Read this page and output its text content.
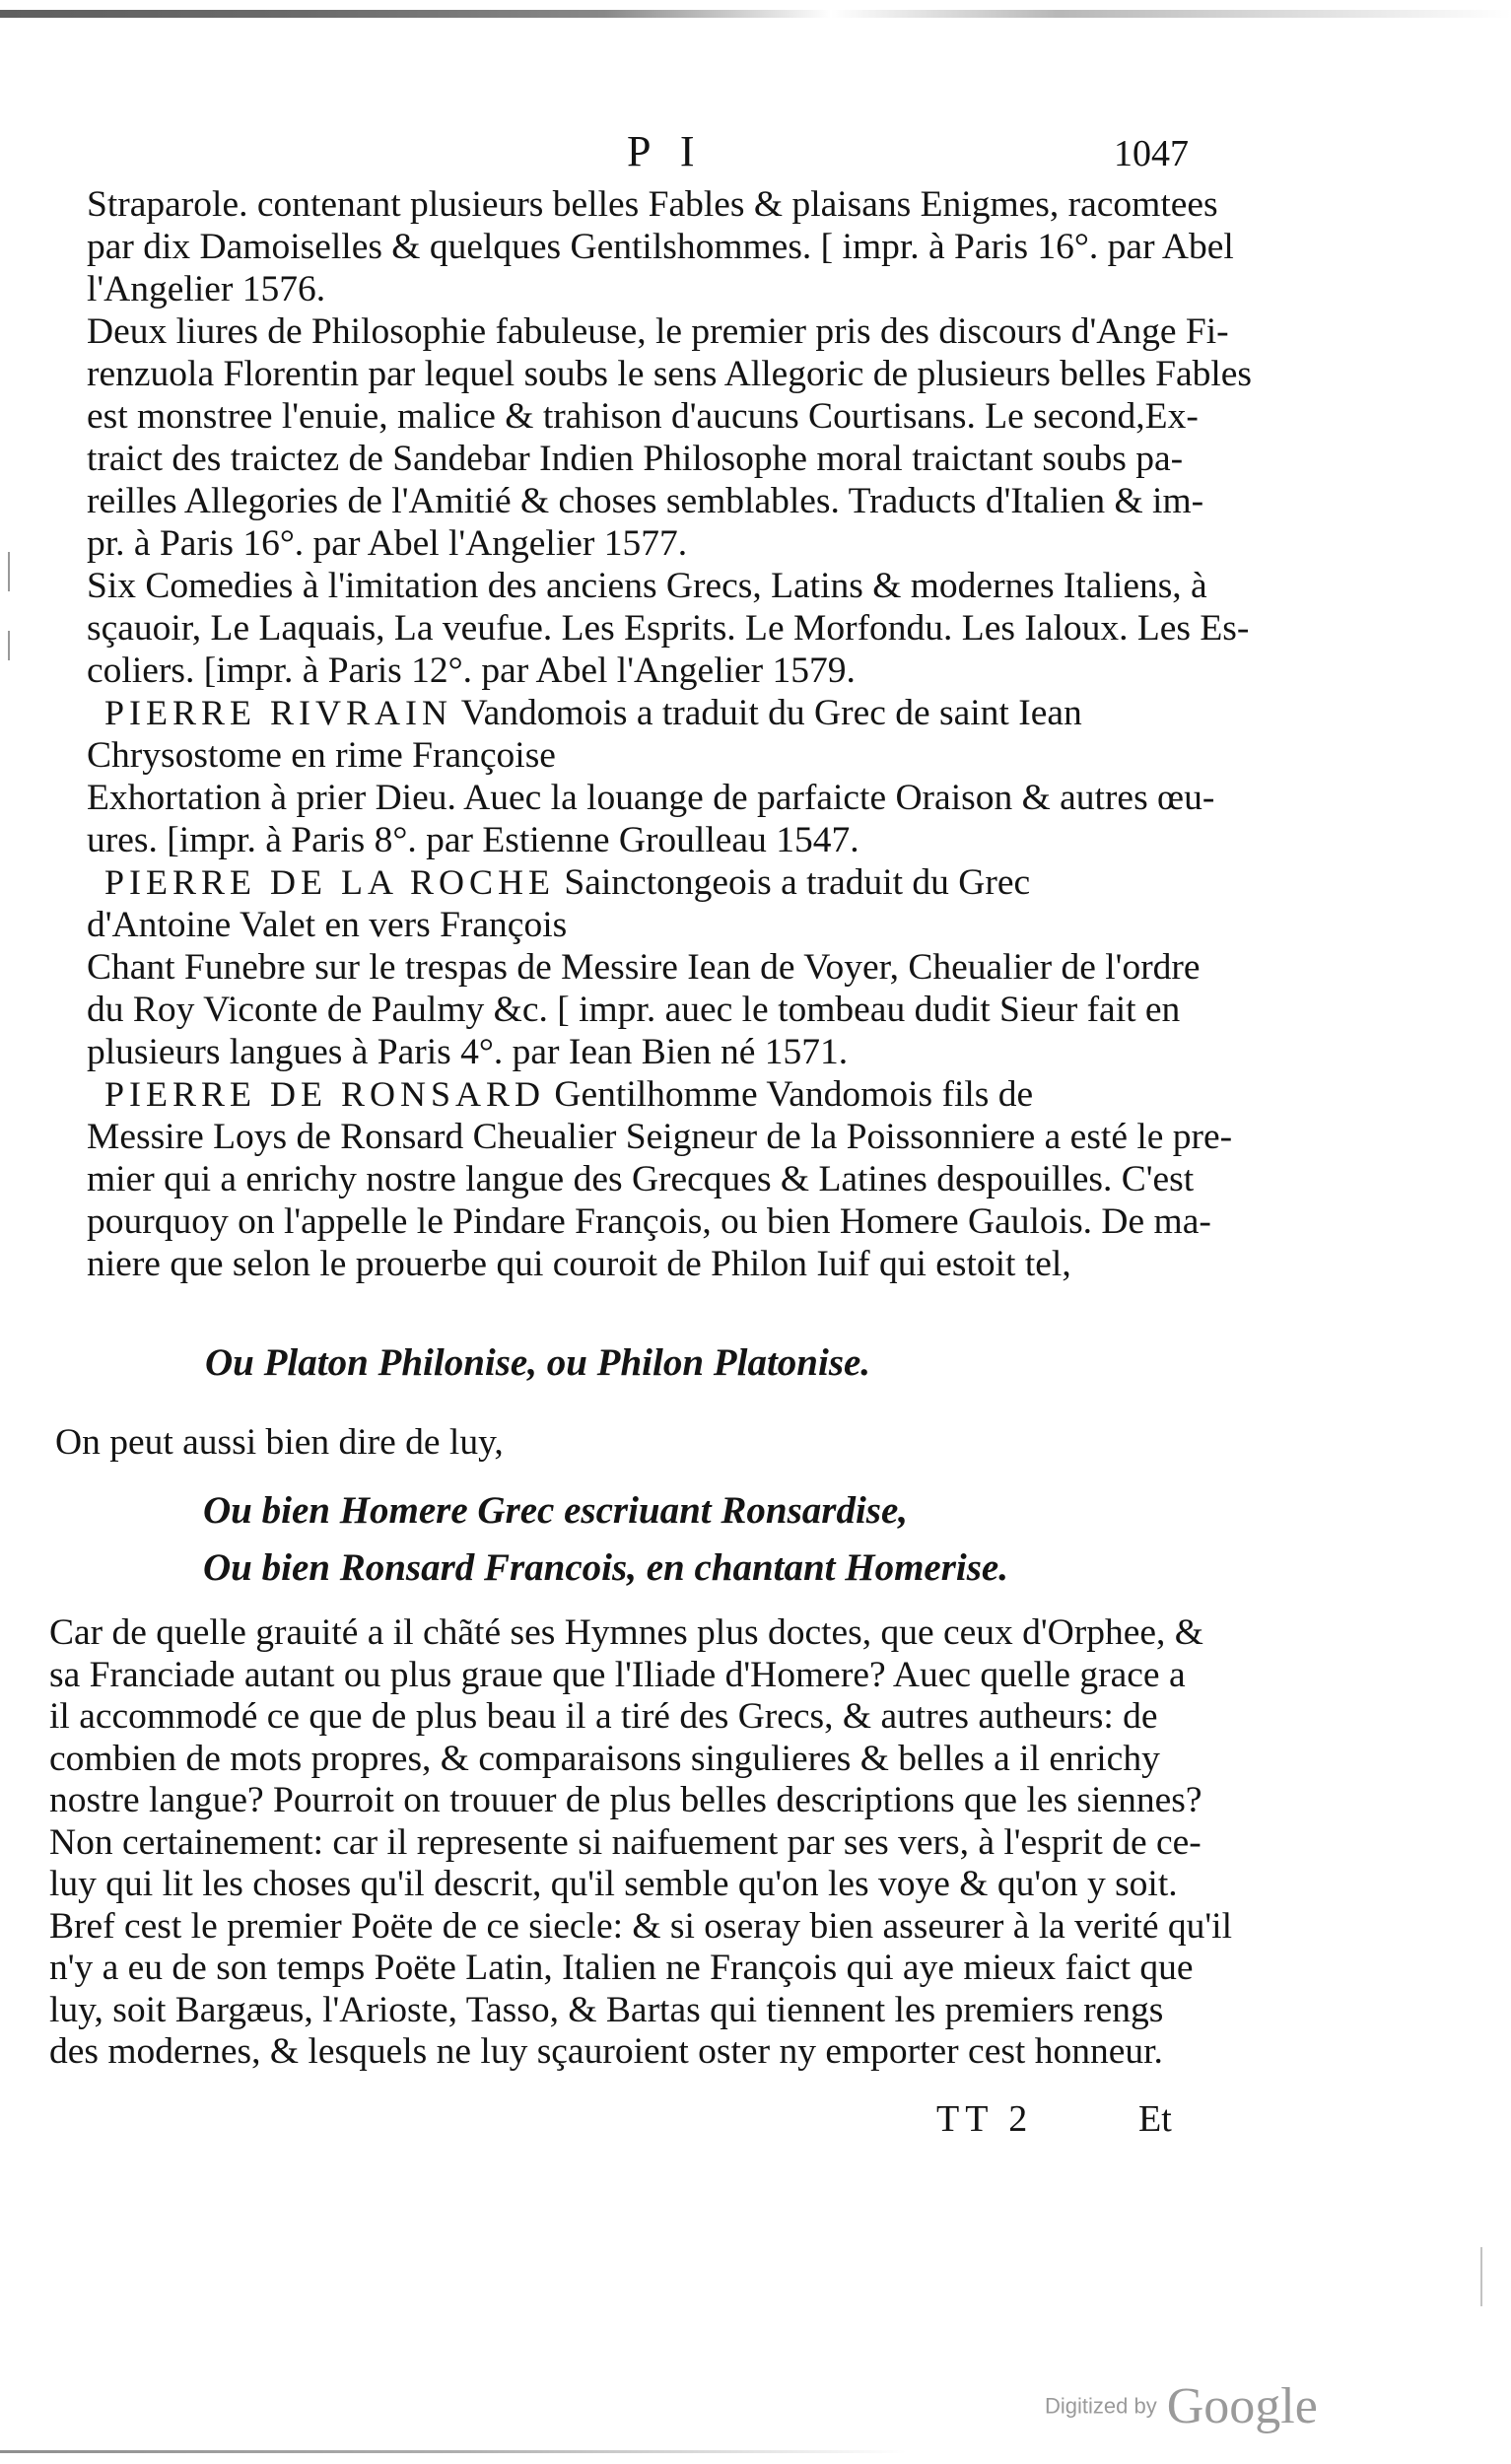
P I	1047

Straparole. contenant plusieurs belles Fables & plaisans Enigmes, racomtees

par dix Damoiselles & quelques Gentilshommes. [ impr. à Paris 16°. par Abel

l'Angelier 1576.

Deux liures de Philosophie fabuleuse, le premier pris des discours d'Ange Fi-

renzuola Florentin par lequel soubs le sens Allegoric de plusieurs belles Fables

est monstree l'enuie, malice & trahison d'aucuns Courtisans. Le second,Ex-

traict des traictez de Sandebar Indien Philosophe moral traictant soubs pa-

reilles Allegories de l'Amitié & choses semblables. Traducts d'Italien & im-

pr. à Paris 16°. par Abel l'Angelier 1577.

Six Comedies à l'imitation des anciens Grecs, Latins & modernes Italiens, à

sçauoir, Le Laquais, La veufue. Les Esprits. Le Morfondu. Les Ialoux. Les Es-

coliers. [impr. à Paris 12°. par Abel l'Angelier 1579.

PIERRE RIVRAIN Vandomois a traduit du Grec de saint Iean

Chrysostome en rime Françoise

Exhortation à prier Dieu. Auec la louange de parfaicte Oraison & autres œu-

ures. [impr. à Paris 8°. par Estienne Groulleau 1547.

PIERRE DE LA ROCHE Sainctongeois a traduit du Grec

d'Antoine Valet en vers François

Chant Funebre sur le trespas de Messire Iean de Voyer, Cheualier de l'ordre

du Roy Viconte de Paulmy &c. [ impr. auec le tombeau dudit Sieur fait en

plusieurs langues à Paris 4°. par Iean Bien né 1571.

PIERRE DE RONSARD Gentilhomme Vandomois fils de

Messire Loys de Ronsard Cheualier Seigneur de la Poissonniere a esté le pre-

mier qui a enrichy nostre langue des Grecques & Latines despouilles. C'est

pourquoy on l'appelle le Pindare François, ou bien Homere Gaulois. De ma-

niere que selon le prouerbe qui couroit de Philon Iuif qui estoit tel,

Ou Platon Philonise, ou Philon Platonise.
On peut aussi bien dire de luy,
Ou bien Homere Grec escriuant Ronsardise,
Ou bien Ronsard Francois, en chantant Homerise.

Car de quelle grauité a il chãté ses Hymnes plus doctes, que ceux d'Orphee, &

sa Franciade autant ou plus graue que l'Iliade d'Homere? Auec quelle grace a

il accommodé ce que de plus beau il a tiré des Grecs, & autres autheurs: de

combien de mots propres, & comparaisons singulieres & belles a il enrichy

nostre langue? Pourroit on trouuer de plus belles descriptions que les siennes?

Non certainement: car il represente si naifuement par ses vers, à l'esprit de ce-

luy qui lit les choses qu'il descrit, qu'il semble qu'on les voye & qu'on y soit.

Bref cest le premier Poëte de ce siecle: & si oseray bien asseurer à la verité qu'il

n'y a eu de son temps Poëte Latin, Italien ne François qui aye mieux faict que

luy, soit Bargæus, l'Arioste, Tasso, & Bartas qui tiennent les premiers rengs

des modernes, & lesquels ne luy sçauroient oster ny emporter cest honneur.

TT 2	Et
Digitized by Google
